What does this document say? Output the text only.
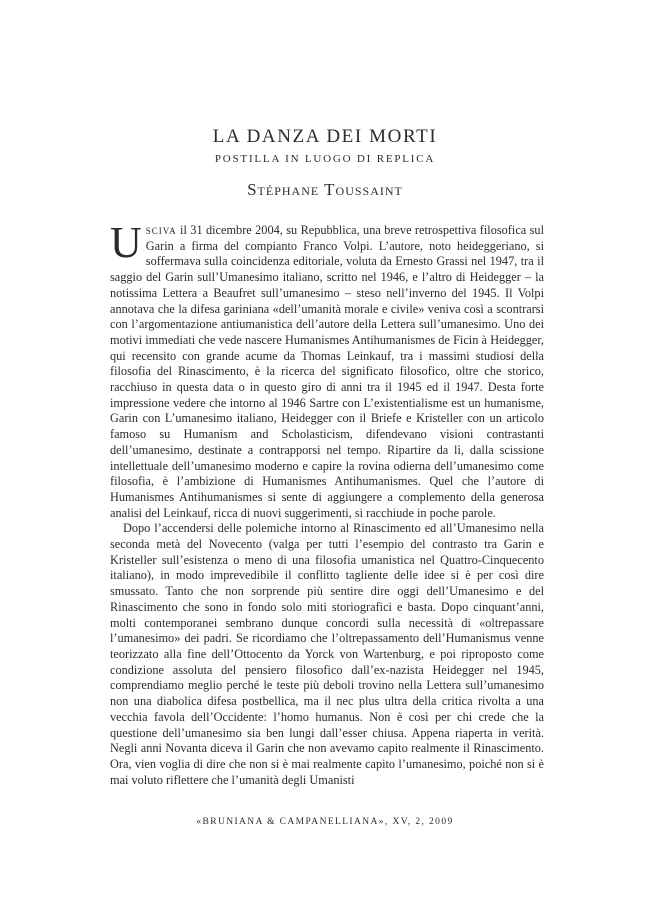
LA DANZA DEI MORTI
POSTILLA IN LUOGO DI REPLICA
Stéphane Toussaint

Usciva il 31 dicembre 2004, su Repubblica, una breve retrospettiva filosofica sul Garin a firma del compianto Franco Volpi. L’autore, noto heideggeriano, si soffermava sulla coincidenza editoriale, voluta da Ernesto Grassi nel 1947, tra il saggio del Garin sull’Umanesimo italiano, scritto nel 1946, e l’altro di Heidegger – la notissima Lettera a Beaufret sull’umanesimo – steso nell’inverno del 1945. Il Volpi annotava che la difesa gariniana «dell’umanità morale e civile» veniva così a scontrarsi con l’argomentazione antiumanistica dell’autore della Lettera sull’umanesimo. Uno dei motivi immediati che vede nascere Humanismes Antihumanismes de Ficin à Heidegger, qui recensito con grande acume da Thomas Leinkauf, tra i massimi studiosi della filosofia del Rinascimento, è la ricerca del significato filosofico, oltre che storico, racchiuso in questa data o in questo giro di anni tra il 1945 ed il 1947. Desta forte impressione vedere che intorno al 1946 Sartre con L’existentialisme est un humanisme, Garin con L’umanesimo italiano, Heidegger con il Briefe e Kristeller con un articolo famoso su Humanism and Scholasticism, difendevano visioni contrastanti dell’umanesimo, destinate a contrapporsi nel tempo. Ripartire da lì, dalla scissione intellettuale dell’umanesimo moderno e capire la rovina odierna dell’umanesimo come filosofia, è l’ambizione di Humanismes Antihumanismes. Quel che l’autore di Humanismes Antihumanismes si sente di aggiungere a complemento della generosa analisi del Leinkauf, ricca di nuovi suggerimenti, si racchiude in poche parole.

Dopo l’accendersi delle polemiche intorno al Rinascimento ed all’Umanesimo nella seconda metà del Novecento (valga per tutti l’esempio del contrasto tra Garin e Kristeller sull’esistenza o meno di una filosofia umanistica nel Quattro-Cinquecento italiano), in modo imprevedibile il conflitto tagliente delle idee si è per così dire smussato. Tanto che non sorprende più sentire dire oggi dell’Umanesimo e del Rinascimento che sono in fondo solo miti storiografici e basta. Dopo cinquant’anni, molti contemporanei sembrano dunque concordi sulla necessità di «oltrepassare l’umanesimo» dei padri. Se ricordiamo che l’oltrepassamento dell’Humanismus venne teorizzato alla fine dell’Ottocento da Yorck von Wartenburg, e poi riproposto come condizione assoluta del pensiero filosofico dall’ex-nazista Heidegger nel 1945, comprendiamo meglio perché le teste più deboli trovino nella Lettera sull’umanesimo non una diabolica difesa postbellica, ma il nec plus ultra della critica rivolta a una vecchia favola dell’Occidente: l’homo humanus. Non è così per chi crede che la questione dell’umanesimo sia ben lungi dall’esser chiusa. Appena riaperta in verità. Negli anni Novanta diceva il Garin che non avevamo capito realmente il Rinascimento. Ora, vien voglia di dire che non si è mai realmente capito l’umanesimo, poiché non si è mai voluto riflettere che l’umanità degli Umanisti

«BRUNIANA & CAMPANELLIANA», XV, 2, 2009
